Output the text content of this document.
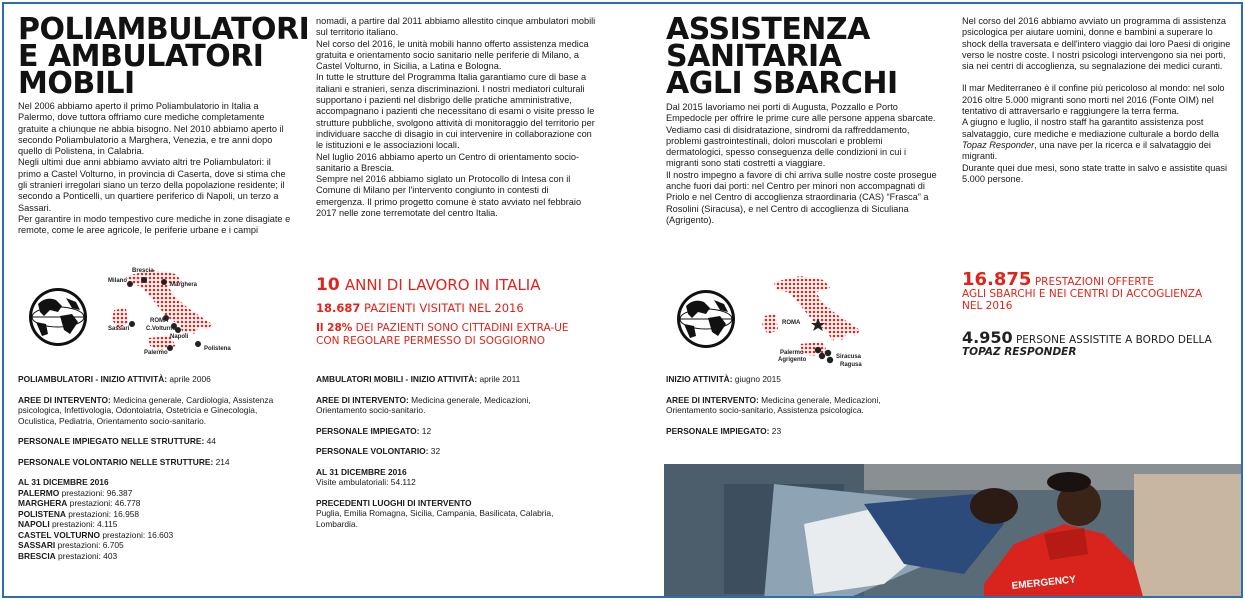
POLIAMBULATORI
E AMBULATORI
MOBILI

Nel 2006 abbiamo aperto il primo Poliambulatorio in Italia a Palermo, dove tuttora offriamo cure mediche completamente gratuite a chiunque ne abbia bisogno. Nel 2010 abbiamo aperto il secondo Poliambulatorio a Marghera, Venezia, e tre anni dopo quello di Polistena, in Calabria.

Negli ultimi due anni abbiamo avviato altri tre Poliambulatori: il primo a Castel Volturno, in provincia di Caserta, dove si stima che gli stranieri irregolari siano un terzo della popolazione residente; il secondo a Ponticelli, un quartiere periferico di Napoli, un terzo a Sassari.

Per garantire in modo tempestivo cure mediche in zone disagiate e remote, come le aree agricole, le periferie urbane e i campi

nomadi, a partire dal 2011 abbiamo allestito cinque ambulatori mobili sul territorio italiano.

Nel corso del 2016, le unità mobili hanno offerto assistenza medica gratuita e orientamento socio sanitario nelle periferie di Milano, a Castel Volturno, in Sicilia, a Latina e Bologna.

In tutte le strutture del Programma Italia garantiamo cure di base a italiani e stranieri, senza discriminazioni. I nostri mediatori culturali supportano i pazienti nel disbrigo delle pratiche amministrative, accompagnano i pazienti che necessitano di esami o visite presso le strutture pubbliche, svolgono attività di monitoraggio del territorio per individuare sacche di disagio in cui intervenire in collaborazione con le istituzioni e le associazioni locali.

Nel luglio 2016 abbiamo aperto un Centro di orientamento socio-sanitario a Brescia.

Sempre nel 2016 abbiamo siglato un Protocollo di Intesa con il Comune di Milano per l'intervento congiunto in contesti di emergenza. Il primo progetto comune è stato avviato nel febbraio 2017 nelle zone terremotate del centro Italia.

Brescia
Milano
Marghera
ROMA
Sassari	C.Volturno
Napoli
Palermo
Polistena
10 ANNI DI LAVORO IN ITALIA
18.687 PAZIENTI VISITATI NEL 2016
Il 28% DEI PAZIENTI SONO CITTADINI EXTRA-UE
CON REGOLARE PERMESSO DI SOGGIORNO

POLIAMBULATORI - INIZIO ATTIVITÀ: aprile 2006

AREE DI INTERVENTO: Medicina generale, Cardiologia, Assistenza psicologica, Infettivologia, Odontoiatria, Ostetricia e Ginecologia, Oculistica, Pediatria, Orientamento socio-sanitario.

PERSONALE IMPIEGATO NELLE STRUTTURE: 44

PERSONALE VOLONTARIO NELLE STRUTTURE: 214

AL 31 DICEMBRE 2016

PALERMO prestazioni: 96.387

MARGHERA prestazioni: 46.778

POLISTENA prestazioni: 16.958

NAPOLI prestazioni: 4.115

CASTEL VOLTURNO prestazioni: 16.603

SASSARI prestazioni: 6.705

BRESCIA prestazioni: 403

AMBULATORI MOBILI - INIZIO ATTIVITÀ: aprile 2011

AREE DI INTERVENTO: Medicina generale, Medicazioni, Orientamento socio-sanitario.

PERSONALE IMPIEGATO: 12

PERSONALE VOLONTARIO: 32

AL 31 DICEMBRE 2016

Visite ambulatoriali: 54.112

PRECEDENTI LUOGHI DI INTERVENTO

Puglia, Emilia Romagna, Sicilia, Campania, Basilicata, Calabria, Lombardia.

ASSISTENZA
SANITARIA
AGLI SBARCHI

Dal 2015 lavoriamo nei porti di Augusta, Pozzallo e Porto Empedocle per offrire le prime cure alle persone appena sbarcate.

Vediamo casi di disidratazione, sindromi da raffreddamento, problemi gastrointestinali, dolori muscolari e problemi dermatologici, spesso conseguenza delle condizioni in cui i migranti sono stati costretti a viaggiare.

Il nostro impegno a favore di chi arriva sulle nostre coste prosegue anche fuori dai porti: nel Centro per minori non accompagnati di Priolo e nel Centro di accoglienza straordinaria (CAS) “Frasca” a Rosolini (Siracusa), e nel Centro di accoglienza di Siculiana (Agrigento).

Nel corso del 2016 abbiamo avviato un programma di assistenza psicologica per aiutare uomini, donne e bambini a superare lo shock della traversata e dell'intero viaggio dai loro Paesi di origine verso le nostre coste. I nostri psicologi intervengono sia nei porti, sia nei centri di accoglienza, su segnalazione dei medici curanti.

Il mar Mediterraneo è il confine più pericoloso al mondo: nel solo 2016 oltre 5.000 migranti sono morti nel 2016 (Fonte OIM) nel tentativo di attraversarlo e raggiungere la terra ferma.

A giugno e luglio, il nostro staff ha garantito assistenza post salvataggio, cure mediche e mediazione culturale a bordo della Topaz Responder, una nave per la ricerca e il salvataggio dei migranti.

Durante quei due mesi, sono state tratte in salvo e assistite quasi 5.000 persone.

ROMA
Palermo
Agrigento	Siracusa
Ragusa
16.875 PRESTAZIONI OFFERTE
AGLI SBARCHI E NEI CENTRI DI ACCOGLIENZA
NEL 2016
4.950 PERSONE ASSISTITE A BORDO DELLA
TOPAZ RESPONDER

INIZIO ATTIVITÀ: giugno 2015

AREE DI INTERVENTO: Medicina generale, Medicazioni, Orientamento socio-sanitario, Assistenza psicologica.

PERSONALE IMPIEGATO: 23

EMERGENCY
